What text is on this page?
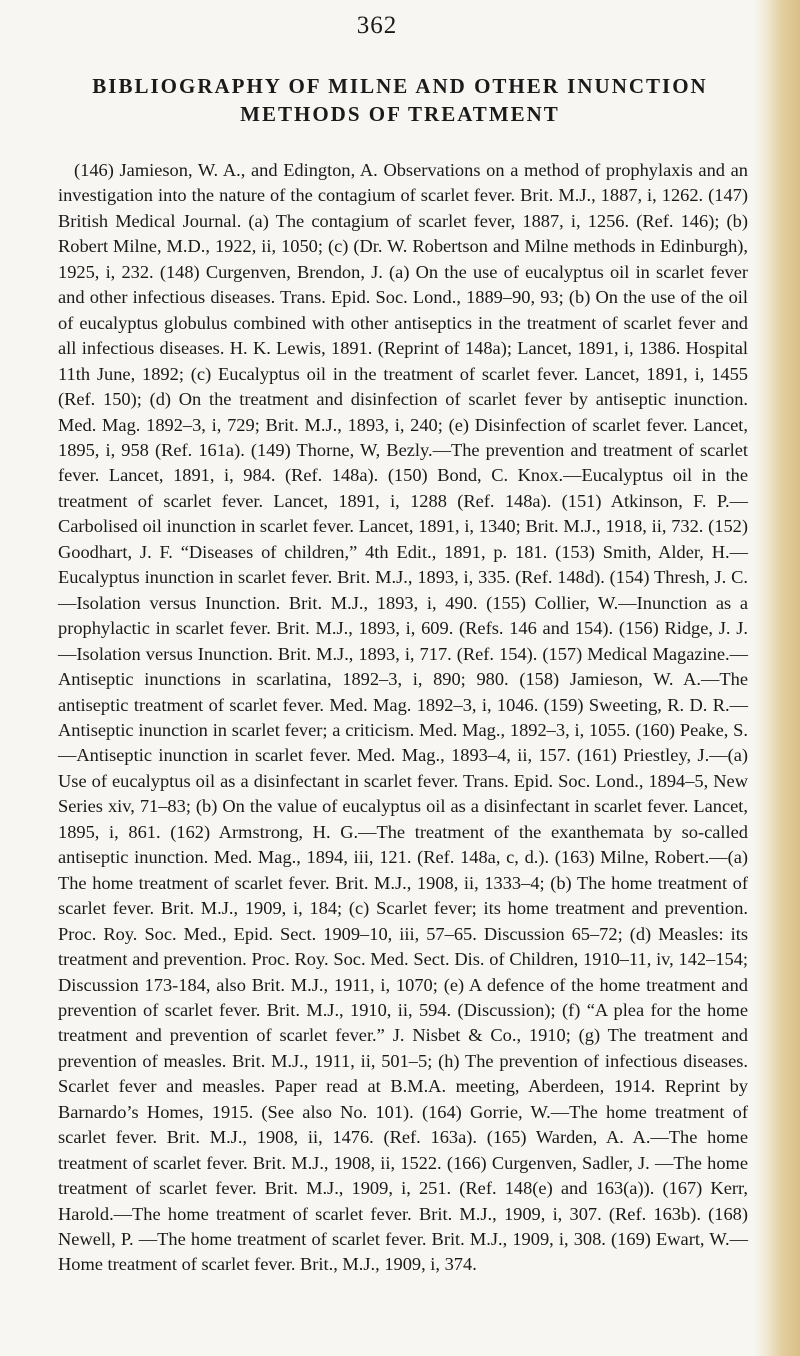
362
BIBLIOGRAPHY OF MILNE AND OTHER INUNCTION
METHODS OF TREATMENT

(146) Jamieson, W. A., and Edington, A. Observations on a method of prophylaxis and an investigation into the nature of the contagium of scarlet fever. Brit. M.J., 1887, i, 1262. (147) British Medical Journal. (a) The contagium of scarlet fever, 1887, i, 1256. (Ref. 146); (b) Robert Milne, M.D., 1922, ii, 1050; (c) (Dr. W. Robertson and Milne methods in Edinburgh), 1925, i, 232. (148) Curgenven, Brendon, J. (a) On the use of eucalyptus oil in scarlet fever and other infectious diseases. Trans. Epid. Soc. Lond., 1889–90, 93; (b) On the use of the oil of eucalyptus globulus combined with other antiseptics in the treatment of scarlet fever and all infectious diseases. H. K. Lewis, 1891. (Reprint of 148a); Lancet, 1891, i, 1386. Hospital 11th June, 1892; (c) Eucalyptus oil in the treatment of scarlet fever. Lancet, 1891, i, 1455 (Ref. 150); (d) On the treatment and disinfection of scarlet fever by antiseptic inunction. Med. Mag. 1892–3, i, 729; Brit. M.J., 1893, i, 240; (e) Disinfection of scarlet fever. Lancet, 1895, i, 958 (Ref. 161a). (149) Thorne, W, Bezly.—The prevention and treatment of scarlet fever. Lancet, 1891, i, 984. (Ref. 148a). (150) Bond, C. Knox.—Eucalyptus oil in the treatment of scarlet fever. Lancet, 1891, i, 1288 (Ref. 148a). (151) Atkinson, F. P.—Carbolised oil inunction in scarlet fever. Lancet, 1891, i, 1340; Brit. M.J., 1918, ii, 732. (152) Goodhart, J. F. “Diseases of children,” 4th Edit., 1891, p. 181. (153) Smith, Alder, H.—Eucalyptus inunction in scarlet fever. Brit. M.J., 1893, i, 335. (Ref. 148d). (154) Thresh, J. C.—Isolation versus Inunction. Brit. M.J., 1893, i, 490. (155) Collier, W.—Inunction as a prophylactic in scarlet fever. Brit. M.J., 1893, i, 609. (Refs. 146 and 154). (156) Ridge, J. J.—Isolation versus Inunction. Brit. M.J., 1893, i, 717. (Ref. 154). (157) Medical Magazine.—Antiseptic inunctions in scarlatina, 1892–3, i, 890; 980. (158) Jamieson, W. A.—The antiseptic treatment of scarlet fever. Med. Mag. 1892–3, i, 1046. (159) Sweeting, R. D. R.—Antiseptic inunction in scarlet fever; a criticism. Med. Mag., 1892–3, i, 1055. (160) Peake, S.—Antiseptic inunction in scarlet fever. Med. Mag., 1893–4, ii, 157. (161) Priestley, J.—(a) Use of eucalyptus oil as a disinfectant in scarlet fever. Trans. Epid. Soc. Lond., 1894–5, New Series xiv, 71–83; (b) On the value of eucalyptus oil as a disinfectant in scarlet fever. Lancet, 1895, i, 861. (162) Armstrong, H. G.—The treatment of the exanthemata by so-called antiseptic inunction. Med. Mag., 1894, iii, 121. (Ref. 148a, c, d.). (163) Milne, Robert.—(a) The home treatment of scarlet fever. Brit. M.J., 1908, ii, 1333–4; (b) The home treatment of scarlet fever. Brit. M.J., 1909, i, 184; (c) Scarlet fever; its home treatment and prevention. Proc. Roy. Soc. Med., Epid. Sect. 1909–10, iii, 57–65. Discussion 65–72; (d) Measles: its treatment and prevention. Proc. Roy. Soc. Med. Sect. Dis. of Children, 1910–11, iv, 142–154; Discussion 173-184, also Brit. M.J., 1911, i, 1070; (e) A defence of the home treatment and prevention of scarlet fever. Brit. M.J., 1910, ii, 594. (Discussion); (f) “A plea for the home treatment and prevention of scarlet fever.” J. Nisbet & Co., 1910; (g) The treatment and prevention of measles. Brit. M.J., 1911, ii, 501–5; (h) The prevention of infectious diseases. Scarlet fever and measles. Paper read at B.M.A. meeting, Aberdeen, 1914. Reprint by Barnardo’s Homes, 1915. (See also No. 101). (164) Gorrie, W.—The home treatment of scarlet fever. Brit. M.J., 1908, ii, 1476. (Ref. 163a). (165) Warden, A. A.—The home treatment of scarlet fever. Brit. M.J., 1908, ii, 1522. (166) Curgenven, Sadler, J. —The home treatment of scarlet fever. Brit. M.J., 1909, i, 251. (Ref. 148(e) and 163(a)). (167) Kerr, Harold.—The home treatment of scarlet fever. Brit. M.J., 1909, i, 307. (Ref. 163b). (168) Newell, P. —The home treatment of scarlet fever. Brit. M.J., 1909, i, 308. (169) Ewart, W.—Home treatment of scarlet fever. Brit., M.J., 1909, i, 374.
